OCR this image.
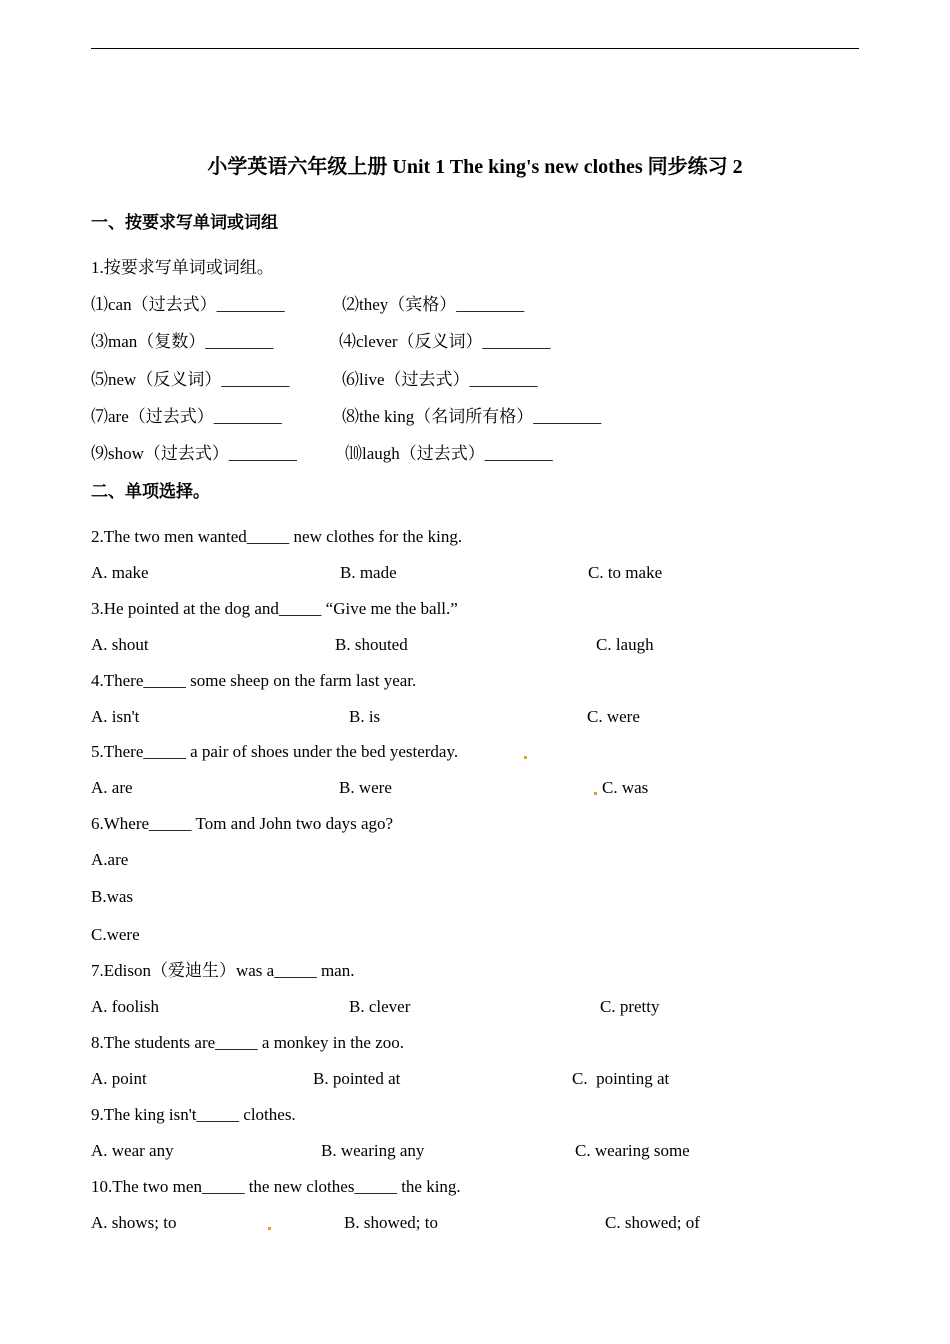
小学英语六年级上册 Unit 1 The king's new clothes 同步练习 2
一、按要求写单词或词组
1.按要求写单词或词组。
⑴can（过去式）________	⑵they（宾格）________
⑶man（复数）________	⑷clever（反义词）________
⑸new（反义词）________	⑹live（过去式）________
⑺are（过去式）________	⑻the king（名词所有格）________
⑼show（过去式）________	⑽laugh（过去式）________
二、单项选择。
2.The two men wanted_____ new clothes for the king.
A. make	B. made	C. to make
3.He pointed at the dog and_____ “Give me the ball.”
A. shout	B. shouted	C. laugh
4.There_____ some sheep on the farm last year.
A. isn't	B. is	C. were
5.There_____ a pair of shoes under the bed yesterday.
A. are	B. were	C. was
6.Where_____ Tom and John two days ago?
A.are
B.was
C.were
7.Edison（爱迪生）was a_____ man.
A. foolish	B. clever	C. pretty
8.The students are_____ a monkey in the zoo.
A. point	B. pointed at	C.  pointing at
9.The king isn't_____ clothes.
A. wear any	B. wearing any	C. wearing some
10.The two men_____ the new clothes_____ the king.
A. shows; to	B. showed; to	C. showed; of
